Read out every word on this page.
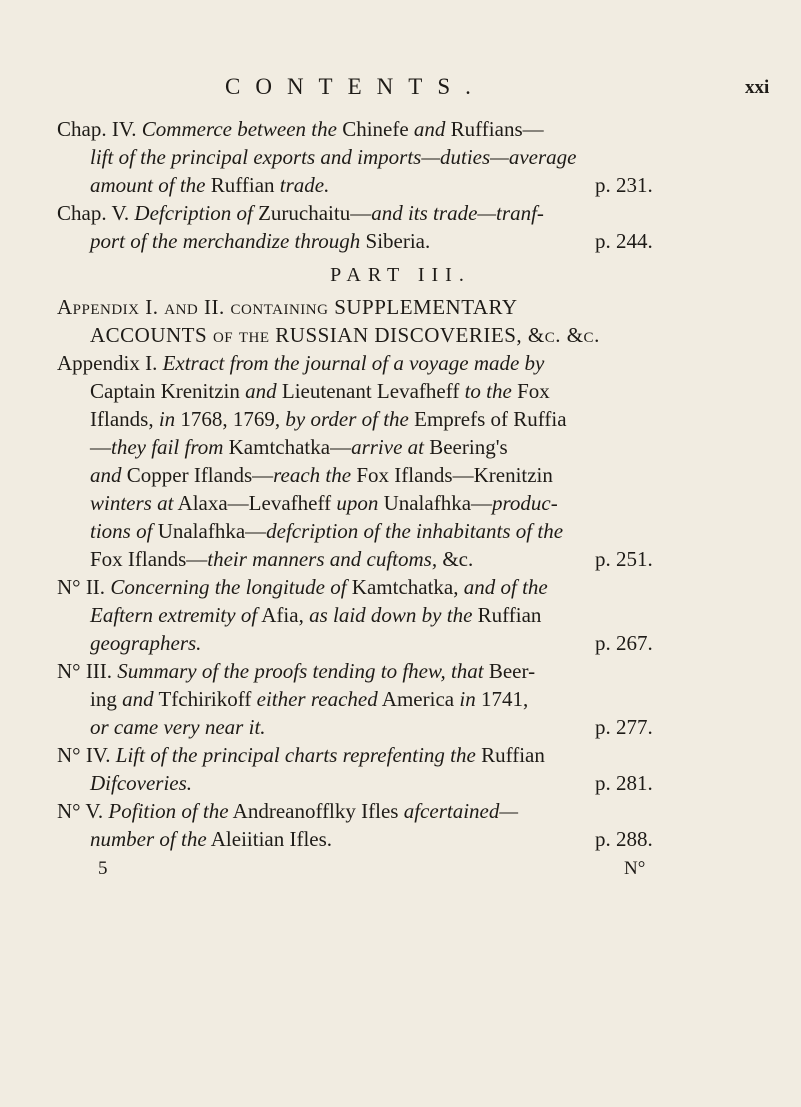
CONTENTS.	xxi
Chap. IV. Commerce between the Chinefe and Ruffians—
lift of the principal exports and imports—duties—average
amount of the Ruffian trade.	p. 231.
Chap. V. Defcription of Zuruchaitu—and its trade—tranf-
port of the merchandize through Siberia.	p. 244.
PART III.
Appendix I. and II. containing SUPPLEMENTARY
ACCOUNTS of the RUSSIAN DISCOVERIES, &c. &c.
Appendix I. Extract from the journal of a voyage made by
Captain Krenitzin and Lieutenant Levafheff to the Fox
Iflands, in 1768, 1769, by order of the Emprefs of Ruffia
—they fail from Kamtchatka—arrive at Beering's
and Copper Iflands—reach the Fox Iflands—Krenitzin
winters at Alaxa—Levafheff upon Unalafhka—produc-
tions of Unalafhka—defcription of the inhabitants of the
Fox Iflands—their manners and cuftoms, &c.	p. 251.
N° II. Concerning the longitude of Kamtchatka, and of the
Eaftern extremity of Afia, as laid down by the Ruffian
geographers.	p. 267.
N° III. Summary of the proofs tending to fhew, that Beer-
ing and Tfchirikoff either reached America in 1741,
or came very near it.	p. 277.
N° IV. Lift of the principal charts reprefenting the Ruffian
Difcoveries.	p. 281.
N° V. Pofition of the Andreanofflky Ifles afcertained—
number of the Aleiitian Ifles.	p. 288.
5	N°
